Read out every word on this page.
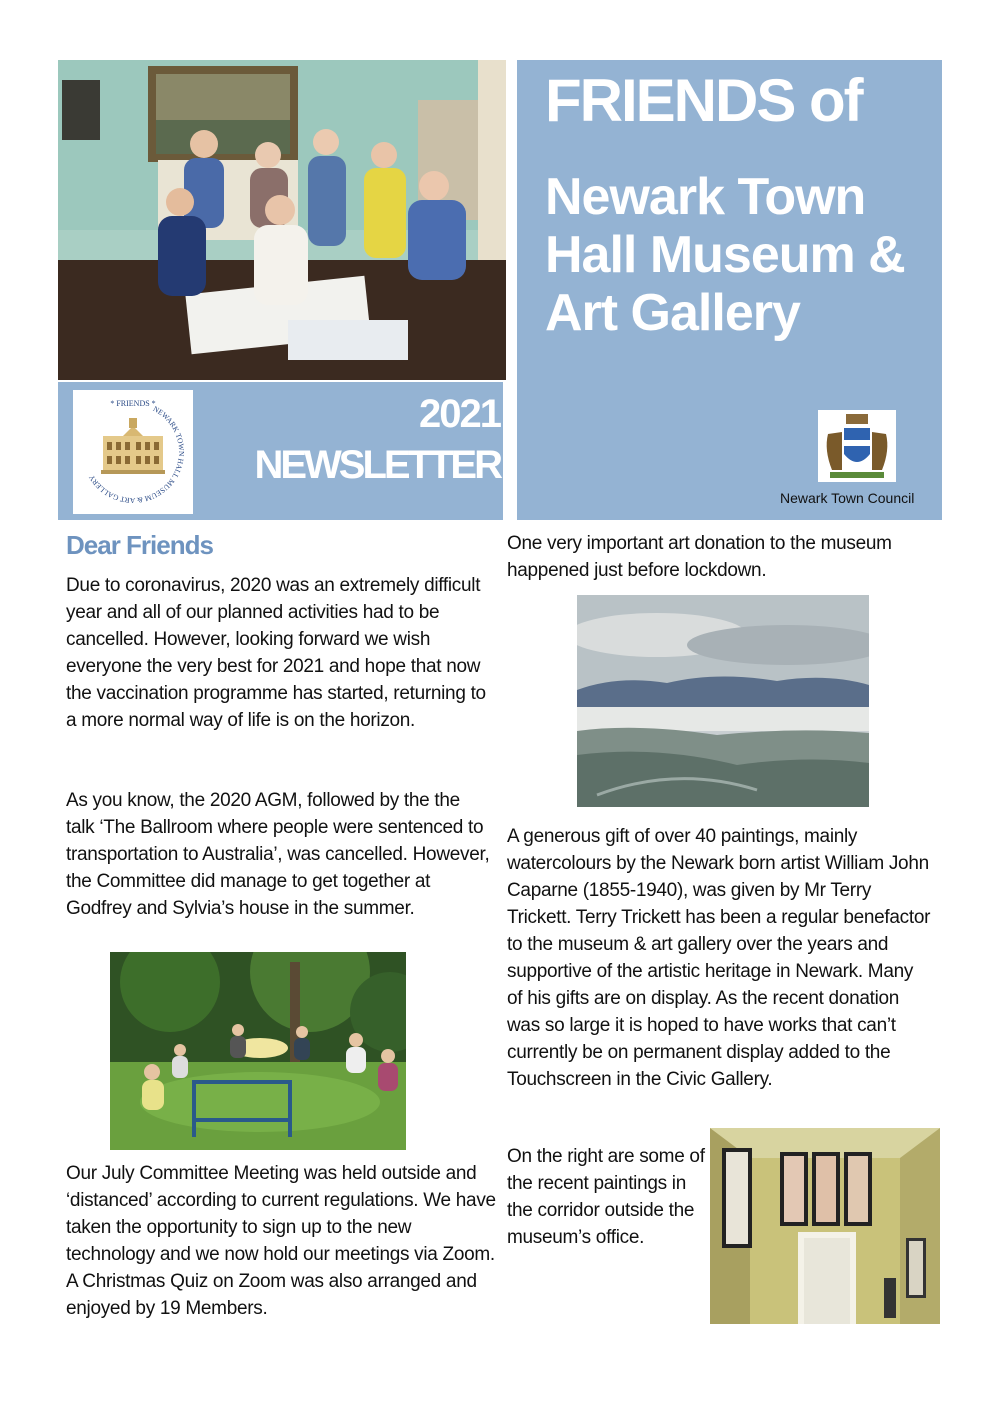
FRIENDS of
Newark Town Hall Museum & Art Gallery
Newark Town Council
* FRIENDS *
NEWARK TOWN HALL MUSEUM & ART GALLERY
2021
NEWSLETTER
Dear Friends

Due to coronavirus, 2020 was an extremely difficult year and all of our planned activities had to be cancelled. However, looking forward we wish everyone the very best for 2021 and hope that now the vaccination programme has started, returning to a more normal way of life is on the horizon.

As you know, the 2020 AGM, followed by the the talk ‘The Ballroom where people were sentenced to transportation to Australia’, was cancelled. However, the Committee did manage to get together at Godfrey and Sylvia’s house in the summer.

Our July Committee Meeting was held outside and ‘distanced’ according to current regulations. We have taken the opportunity to sign up to the new technology and we now hold our meetings via Zoom. A Christmas Quiz on Zoom was also arranged and enjoyed by 19 Members.

One very important art donation to the museum happened just before lockdown.

A generous gift of over 40 paintings, mainly watercolours by the Newark born artist William John Caparne (1855-1940), was given by Mr Terry Trickett. Terry Trickett has been a regular benefactor to the museum & art gallery over the years and supportive of the artistic heritage in Newark. Many of his gifts are on display. As the recent donation was so large it is hoped to have works that can’t currently be on permanent display added to the Touchscreen in the Civic Gallery.

On the right are some of the recent paintings in the corridor outside the museum’s office.
